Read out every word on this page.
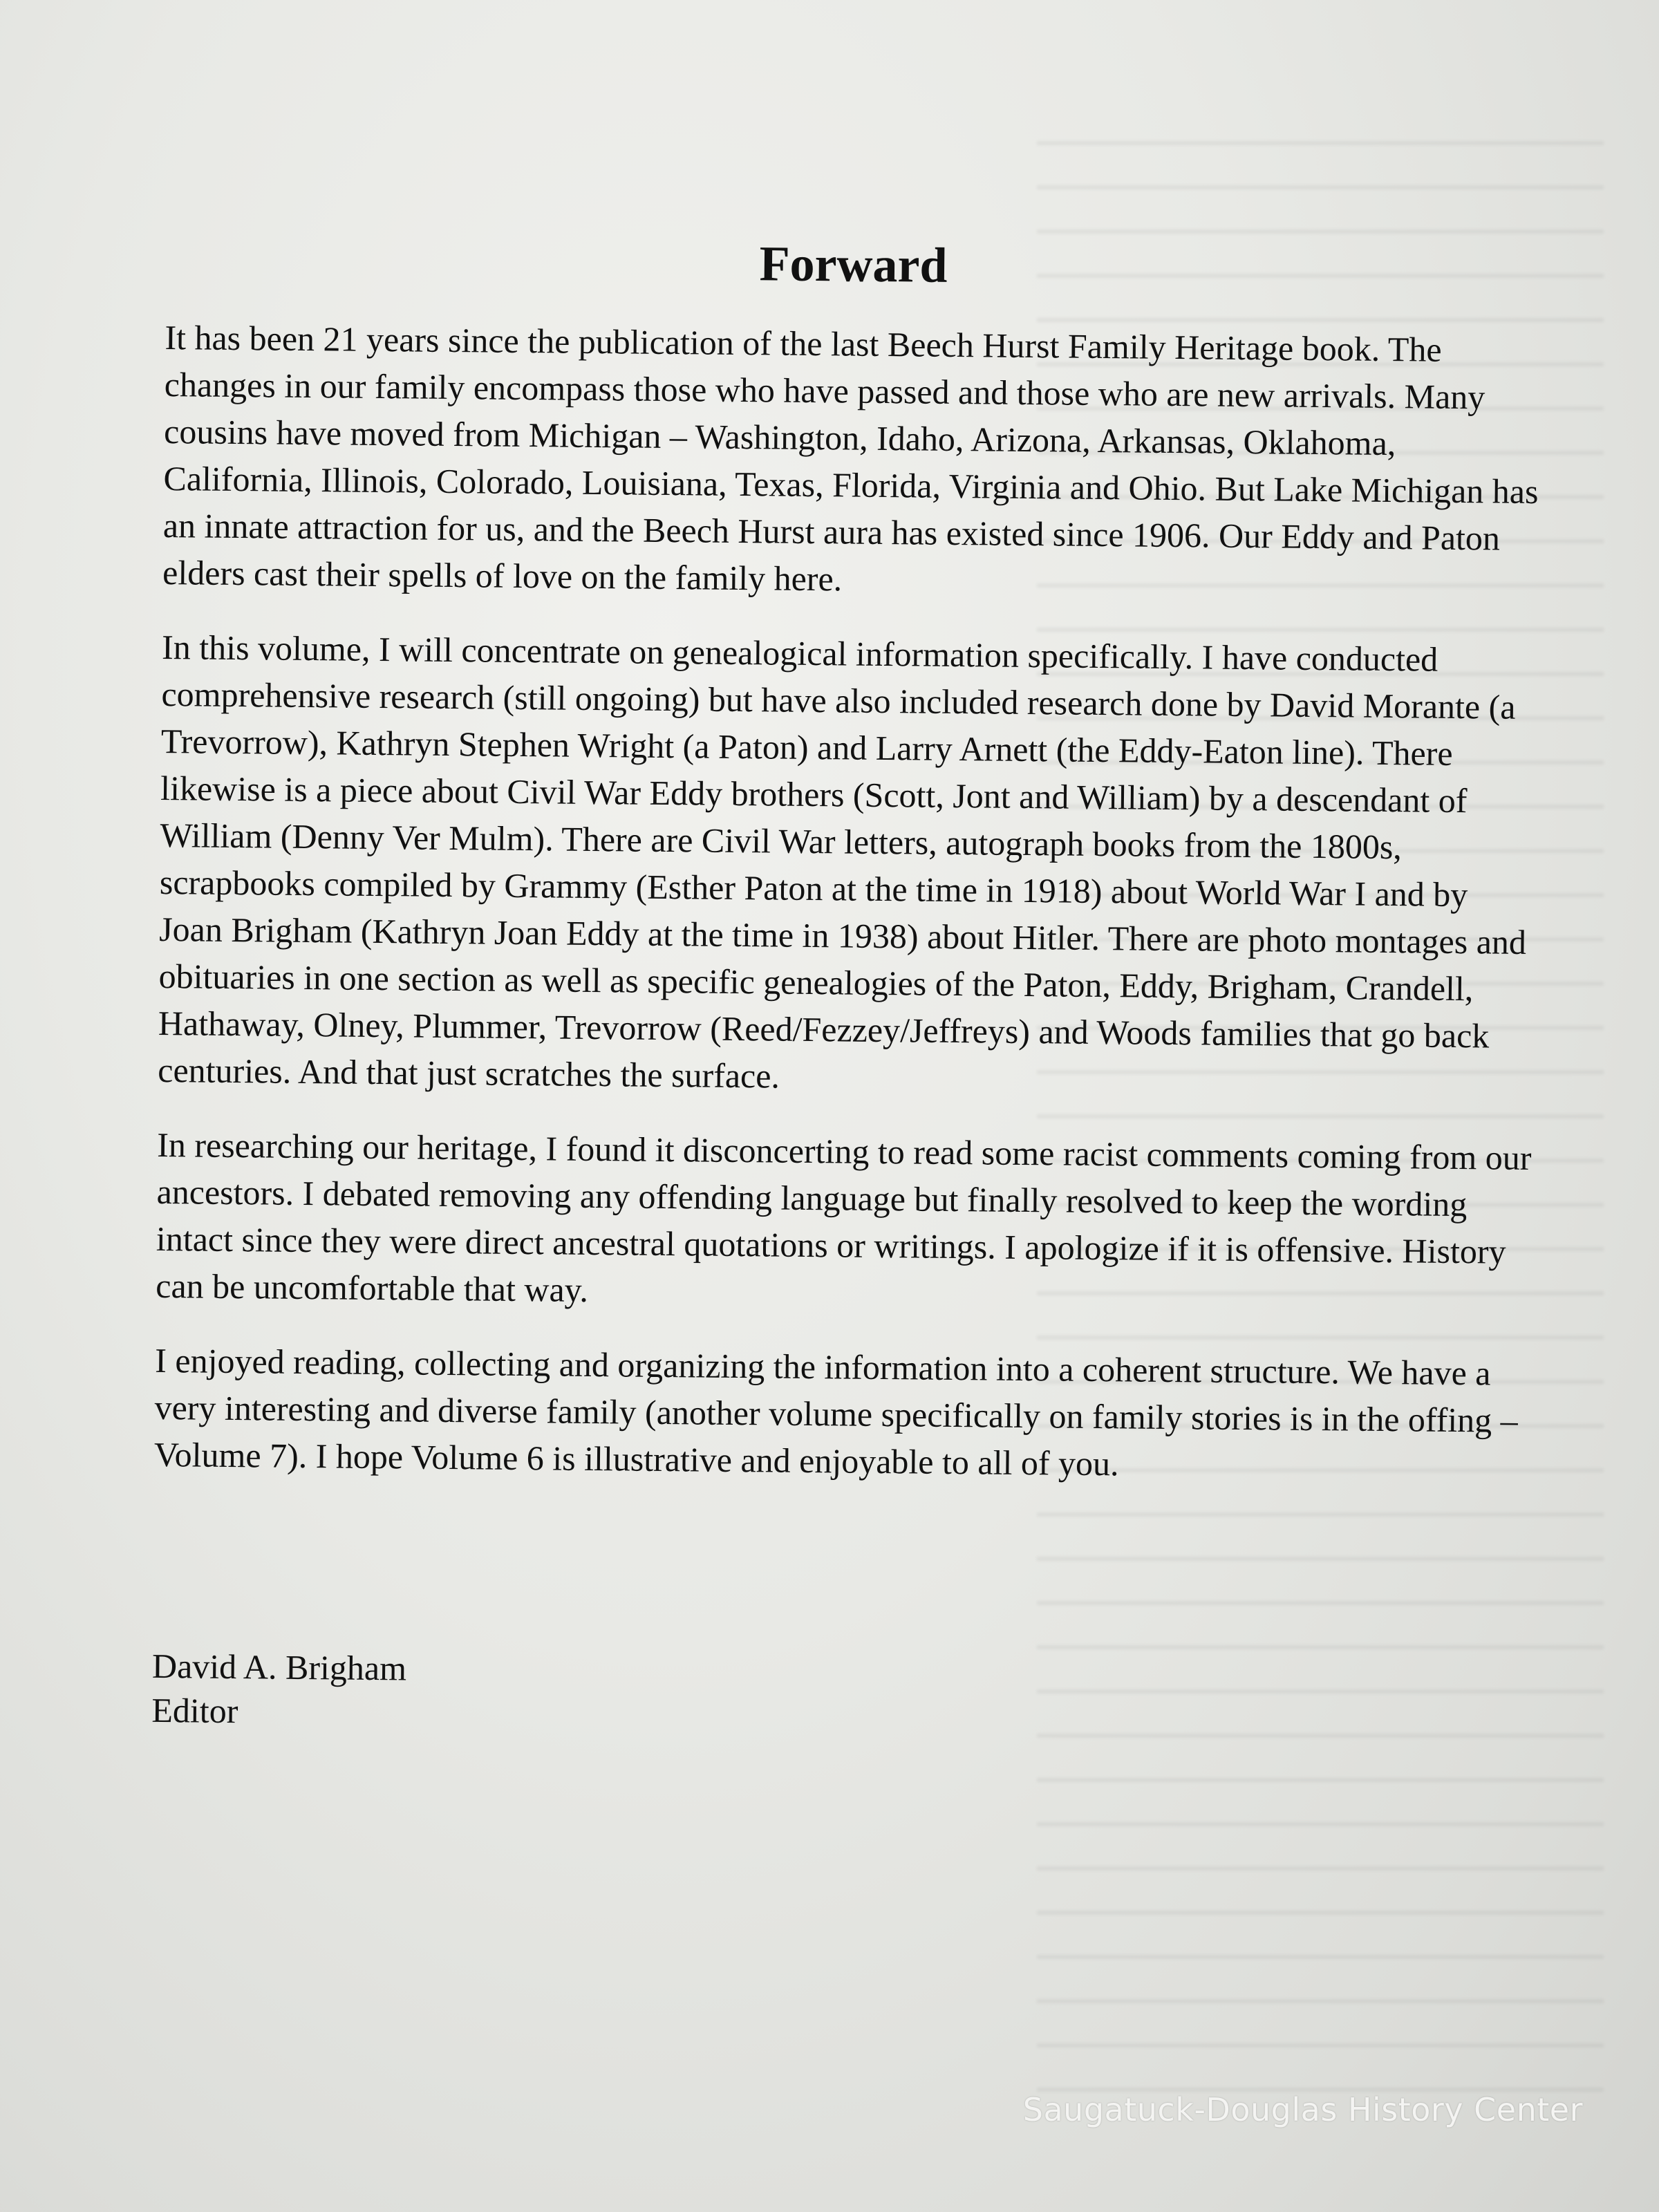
Forward

It has been 21 years since the publication of the last Beech Hurst Family Heritage book. The changes in our family encompass those who have passed and those who are new arrivals. Many cousins have moved from Michigan – Washington, Idaho, Arizona, Arkansas, Oklahoma, California, Illinois, Colorado, Louisiana, Texas, Florida, Virginia and Ohio. But Lake Michigan has an innate attraction for us, and the Beech Hurst aura has existed since 1906. Our Eddy and Paton elders cast their spells of love on the family here.

In this volume, I will concentrate on genealogical information specifically. I have conducted comprehensive research (still ongoing) but have also included research done by David Morante (a Trevorrow), Kathryn Stephen Wright (a Paton) and Larry Arnett (the Eddy-Eaton line). There likewise is a piece about Civil War Eddy brothers (Scott, Jont and William) by a descendant of William (Denny Ver Mulm). There are Civil War letters, autograph books from the 1800s, scrapbooks compiled by Grammy (Esther Paton at the time in 1918) about World War I and by Joan Brigham (Kathryn Joan Eddy at the time in 1938) about Hitler. There are photo montages and obituaries in one section as well as specific genealogies of the Paton, Eddy, Brigham, Crandell, Hathaway, Olney, Plummer, Trevorrow (Reed/Fezzey/Jeffreys) and Woods families that go back centuries. And that just scratches the surface.

In researching our heritage, I found it disconcerting to read some racist comments coming from our ancestors. I debated removing any offending language but finally resolved to keep the wording intact since they were direct ancestral quotations or writings. I apologize if it is offensive. History can be uncomfortable that way.

I enjoyed reading, collecting and organizing the information into a coherent structure. We have a very interesting and diverse family (another volume specifically on family stories is in the offing – Volume 7). I hope Volume 6 is illustrative and enjoyable to all of you.

David A. Brigham
Editor
Saugatuck-Douglas History Center
